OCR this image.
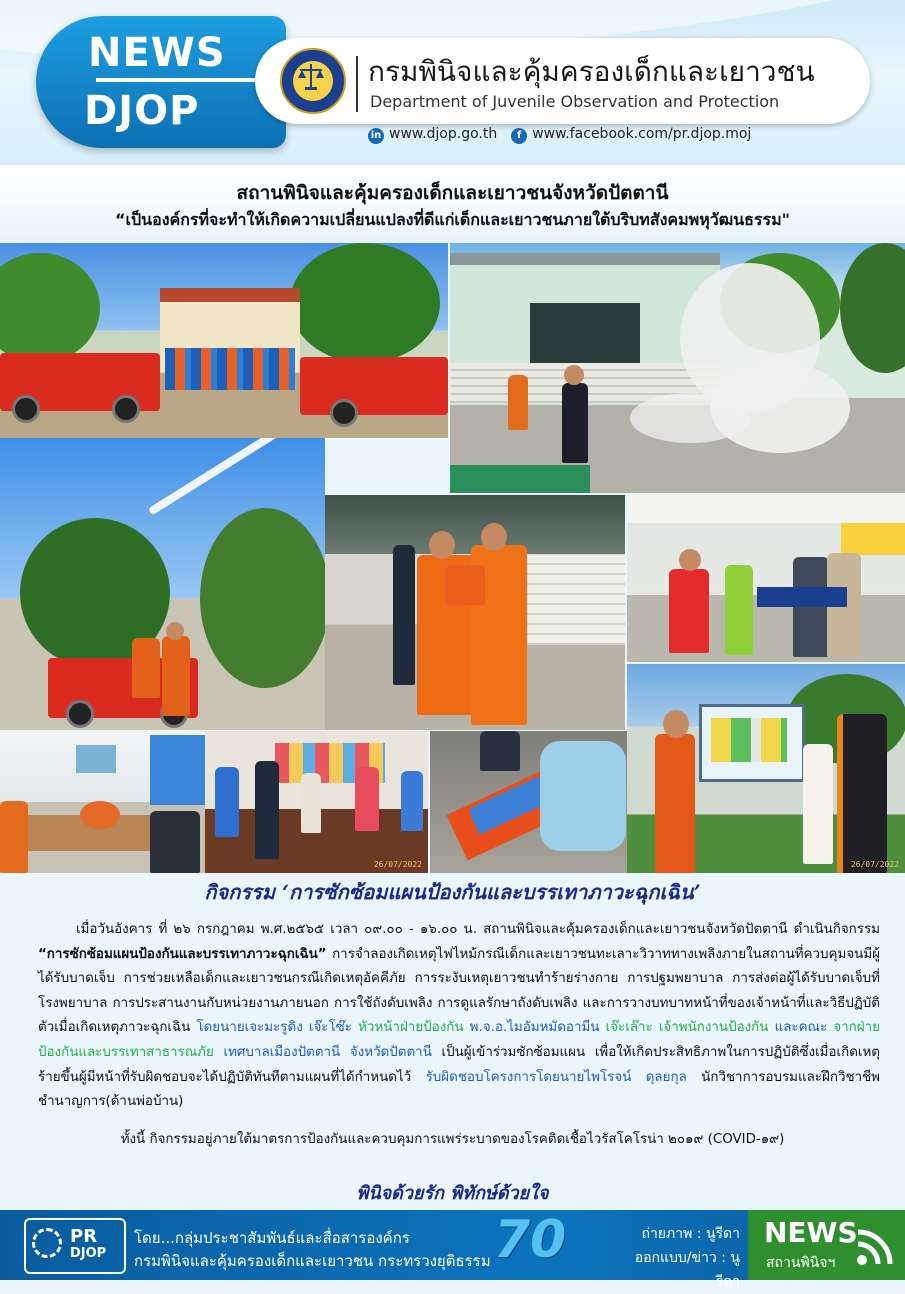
NEWS
DJOP
กรมพินิจและคุ้มครองเด็กและเยาวชน
Department of Juvenile Observation and Protection
in www.djop.go.th	f www.facebook.com/pr.djop.moj
สถานพินิจและคุ้มครองเด็กและเยาวชนจังหวัดปัตตานี
“เป็นองค์กรที่จะทำให้เกิดความเปลี่ยนแปลงที่ดีแก่เด็กและเยาวชนภายใต้บริบทสังคมพหุวัฒนธรรม"
26/07/2022	26/07/2022
กิจกรรม ‘การซักซ้อมแผนป้องกันและบรรเทาภาวะฉุกเฉิน’
เมื่อวันอังคาร ที่ ๒๖ กรกฎาคม พ.ศ.๒๕๖๕ เวลา ๐๙.๐๐ - ๑๖.๐๐ น. สถานพินิจและคุ้มครองเด็กและเยาวชนจังหวัดปัตตานี ดำเนินกิจกรรม “การซักซ้อมแผนป้องกันและบรรเทาภาวะฉุกเฉิน” การจำลองเกิดเหตุไฟไหม้กรณีเด็กและเยาวชนทะเลาะวิวาททางเพลิงภายในสถานที่ควบคุมจนมีผู้ได้รับบาดเจ็บ การช่วยเหลือเด็กและเยาวชนกรณีเกิดเหตุอัคคีภัย การระงับเหตุเยาวชนทำร้ายร่างกาย การปฐมพยาบาล การส่งต่อผู้ได้รับบาดเจ็บที่โรงพยาบาล การประสานงานกับหน่วยงานภายนอก การใช้ถังดับเพลิง การดูแลรักษาถังดับเพลิง และการวางบทบาทหน้าที่ของเจ้าหน้าที่และวิธีปฏิบัติตัวเมื่อเกิดเหตุภาวะฉุกเฉิน โดยนายเจะมะรูดิง เจ๊ะโซ๊ะ หัวหน้าฝ่ายป้องกัน พ.จ.อ.ไมอัมหมัดอามีน เจ๊ะเล๊าะ เจ้าพนักงานป้องกัน และคณะ จากฝ่ายป้องกันและบรรเทาสาธารณภัย เทศบาลเมืองปัตตานี จังหวัดปัตตานี เป็นผู้เข้าร่วมซักซ้อมแผน เพื่อให้เกิดประสิทธิภาพในการปฏิบัติซึ่งเมื่อเกิดเหตุร้ายขึ้นผู้มีหน้าที่รับผิดชอบจะได้ปฏิบัติทันทีตามแผนที่ได้กำหนดไว้ รับผิดชอบโครงการโดยนายไพโรจน์ ดุลยกุล นักวิชาการอบรมและฝึกวิชาชีพชำนาญการ(ด้านพ่อบ้าน)
ทั้งนี้ กิจกรรมอยู่ภายใต้มาตรการป้องกันและควบคุมการแพร่ระบาดของโรคติดเชื้อไวรัสโคโรน่า ๒๐๑๙ (COVID-๑๙)
พินิจด้วยรัก พิทักษ์ด้วยใจ
PR
DJOP
โดย...กลุ่มประชาสัมพันธ์และสื่อสารองค์กร
กรมพินิจและคุ้มครองเด็กและเยาวชน กระทรวงยุติธรรม 70	ถ่ายภาพ : นูรีดา
ออกแบบ/ข่าว : นูรีดา
NEWS
สถานพินิจฯ
